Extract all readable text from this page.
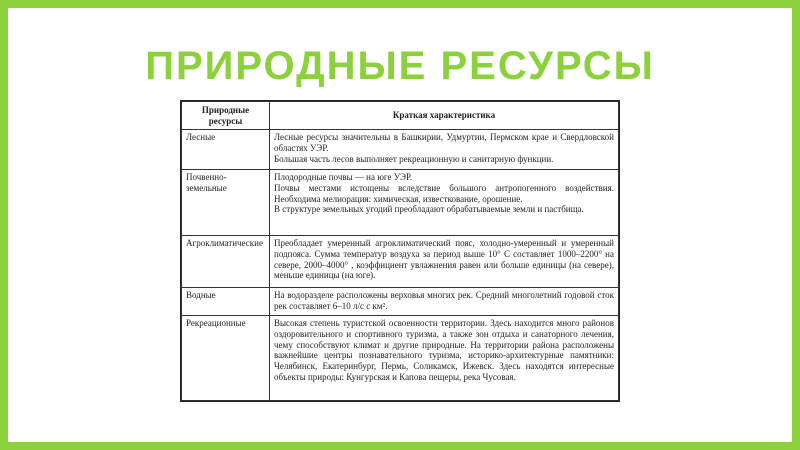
ПРИРОДНЫЕ РЕСУРСЫ
Природные ресурсы	Краткая характеристика
Лесные	Лесные ресурсы значительны в Башкирии, Удмуртии, Пермском крае и Свердловской областях УЭР.
Большая часть лесов выполняет рекреационную и санитарную функции.

Почвенно-земельные	Плодородные почвы — на юге УЭР.
Почвы местами истощены вследствие большого антропогенного воздействия. Необходима мелиорация: химическая, известкование, орошение.
В структуре земельных угодий преобладают обрабатываемые земли и пастбища.

Агроклиматические	Преобладает умеренный агроклиматический пояс, холодно-умеренный и умеренный подпояса. Сумма температур воздуха за период выше 10° С составляет 1000–2200° на севере, 2000–4000° , коэффициент увлажнения равен или больше единицы (на севере), меньше единицы (на юге).

Водные	На водоразделе расположены верховья многих рек. Средний многолетний годовой сток рек составляет 6–10 л/с с км².

Рекреационные	Высокая степень туристской освоенности территории. Здесь находится много районов оздоровительного и спортивного туризма, а также зон отдыха и санаторного лечения, чему способствуют климат и другие природные. На территории района расположены важнейшие центры познавательного туризма, историко-архитектурные памятники: Челябинск, Екатеринбург, Пермь, Соликамск, Ижевск. Здесь находятся интересные объекты природы: Кунгурская и Капова пещеры, река Чусовая.
